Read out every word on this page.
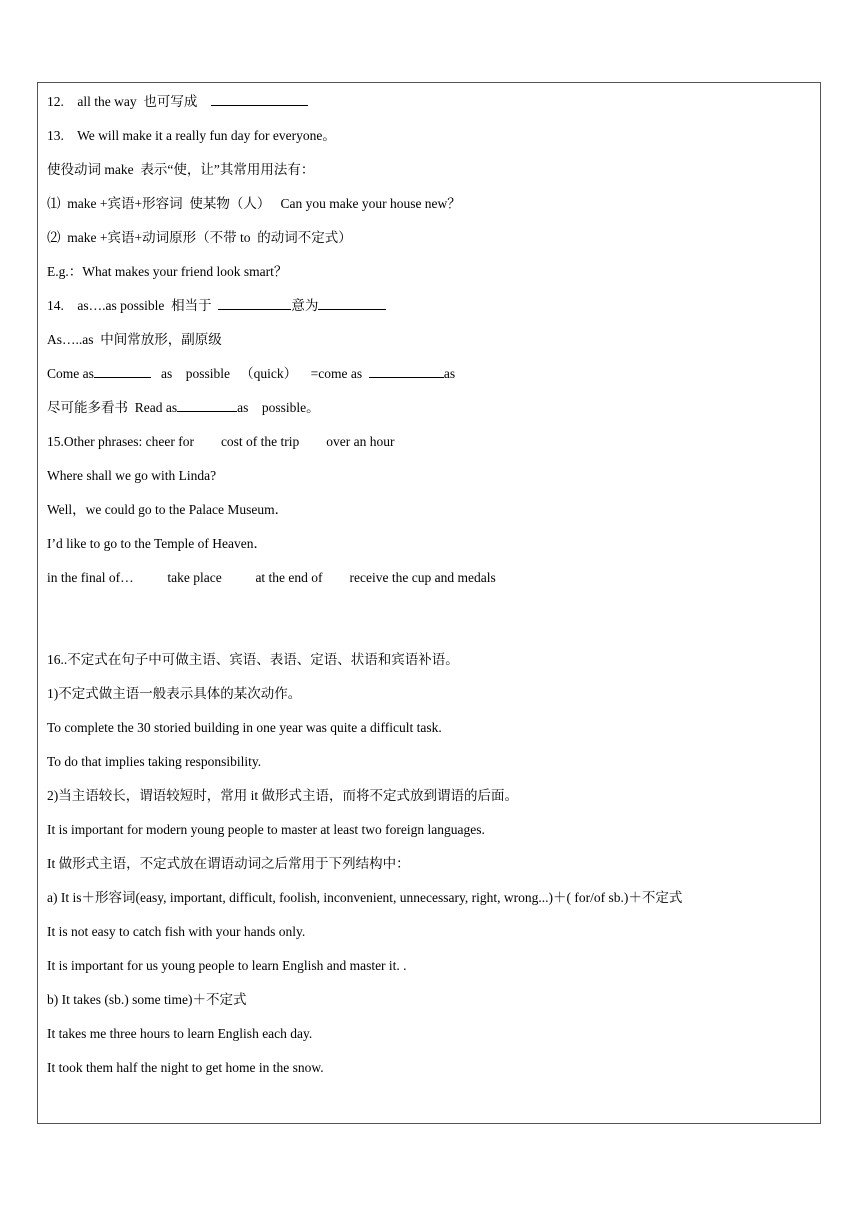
12.    all the way  也可写成
13.    We will make it a really fun day for everyone。
使役动词 make  表示“使，让”其常用用法有：
⑴  make +宾语+形容词  使某物（人）   Can you make your house new？
⑵  make +宾语+动词原形（不带 to  的动词不定式）
E.g.：What makes your friend look smart？
14.    as….as possible  相当于	意为
As…..as  中间常放形，副原级
Come as	as    possible   （quick）    =come as	as
尽可能多看书  Read as	as    possible。
15.Other phrases: cheer for        cost of the trip        over an hour
Where shall we go with Linda?
Well，we could go to the Palace Museum．
I’d like to go to the Temple of Heaven．
in the final of…          take place          at the end of        receive the cup and medals
16..不定式在句子中可做主语、宾语、表语、定语、状语和宾语补语。
1)不定式做主语一般表示具体的某次动作。
To complete the 30 storied building in one year was quite a difficult task.
To do that implies taking responsibility.
2)当主语较长，谓语较短时，常用 it 做形式主语，而将不定式放到谓语的后面。
It is important for modern young people to master at least two foreign languages.
It 做形式主语，不定式放在谓语动词之后常用于下列结构中：
a) It is＋形容词(easy, important, difficult, foolish, inconvenient, unnecessary, right, wrong...)＋( for/of sb.)＋不定式
It is not easy to catch fish with your hands only.
It is important for us young people to learn English and master it. .
b) It takes (sb.) some time)＋不定式
It takes me three hours to learn English each day.
It took them half the night to get home in the snow.
